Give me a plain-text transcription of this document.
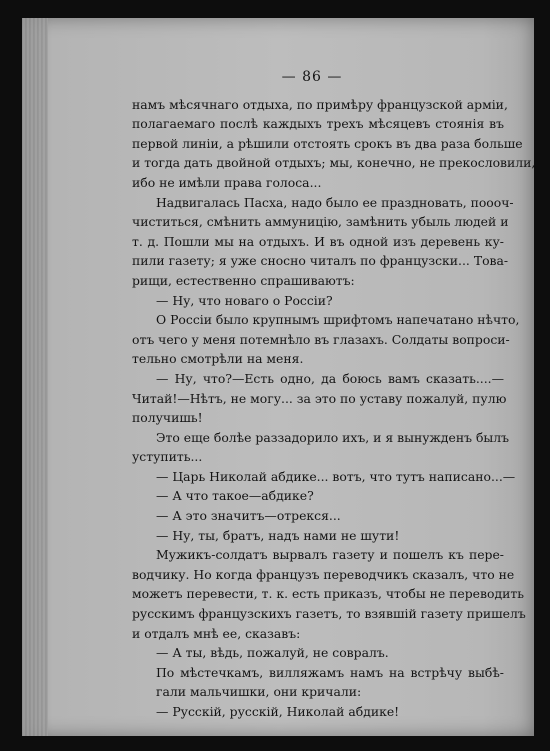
— 86 —
намъ мѣсячнаго отдыха, по примѣру французской арміи,
полагаемаго послѣ каждыхъ трехъ мѣсяцевъ стоянія въ
первой линіи, а рѣшили отстоять срокъ въ два раза больше
и тогда дать двойной отдыхъ; мы, конечно, не прекословили,
ибо не имѣли права голоса...
Надвигалась Пасха, надо было ее праздновать, поооч-
чиститься, смѣнить аммуницію, замѣнить убыль людей и
т. д. Пошли мы на отдыхъ. И въ одной изъ деревень ку-
пили газету; я уже сносно читалъ по французски... Това-
рищи, естественно спрашиваютъ:
— Ну, что новаго о Россіи?
О Россіи было крупнымъ шрифтомъ напечатано нѣчто,
отъ чего у меня потемнѣло въ глазахъ. Солдаты вопроси-
тельно смотрѣли на меня.
— Ну, что?—Есть одно, да боюсь вамъ сказать....—
Читай!—Нѣтъ, не могу... за это по уставу пожалуй, пулю
получишь!
Это еще болѣе раззадорило ихъ, и я вынужденъ былъ
уступить...
— Царь Николай абдике... вотъ, что тутъ написано...—
— А что такое—абдике?
— А это значитъ—отрекся...
— Ну, ты, братъ, надъ нами не шути!
Мужикъ-солдатъ вырвалъ газету и пошелъ къ пере-
водчику. Но когда французъ переводчикъ сказалъ, что не
можетъ перевести, т. к. есть приказъ, чтобы не переводить
русскимъ французскихъ газетъ, то взявшій газету пришелъ
и отдалъ мнѣ ее, сказавъ:
— А ты, вѣдь, пожалуй, не совралъ.
По мѣстечкамъ, вилляжамъ намъ на встрѣчу выбѣ-
гали мальчишки, они кричали:
— Русскій, русскій, Николай абдике!
